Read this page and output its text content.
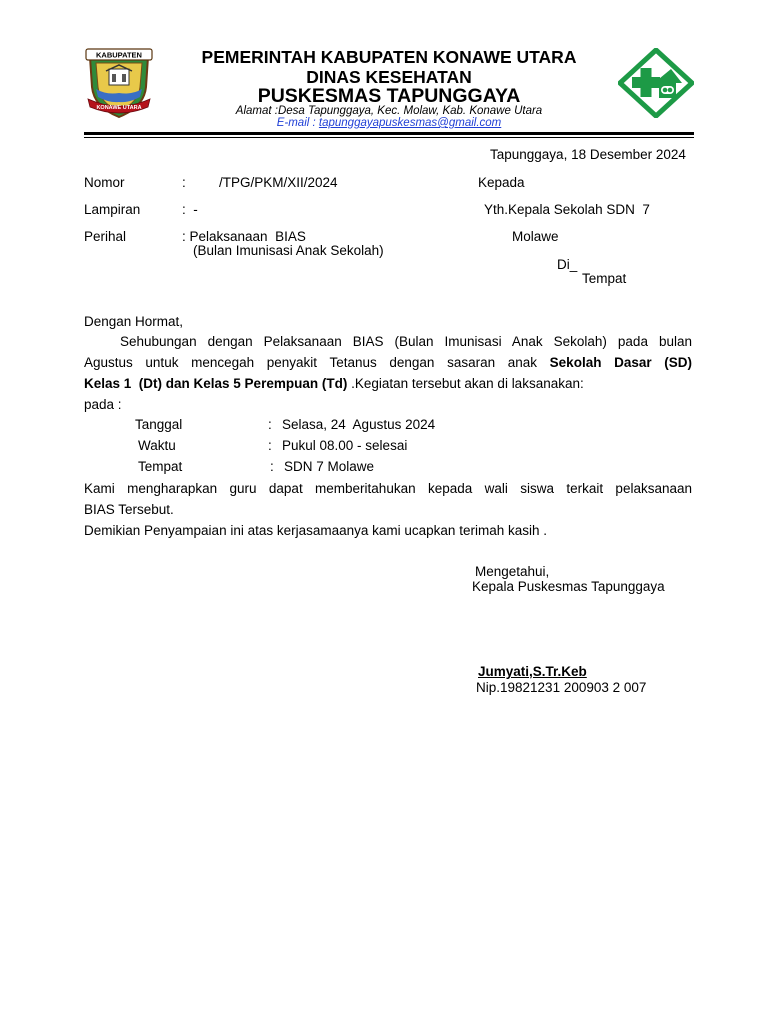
KABUPATEN
KONAWE UTARA
PEMERINTAH KABUPATEN KONAWE UTARA
DINAS KESEHATAN
PUSKESMAS TAPUNGGAYA
Alamat :Desa Tapunggaya, Kec. Molaw, Kab. Konawe Utara
E-mail : tapunggayapuskesmas@gmail.com
Tapunggaya, 18 Desember 2024
Nomor	: /TPG/PKM/XII/2024
Lampiran	:  -
Perihal	: Pelaksanaan  BIAS
(Bulan Imunisasi Anak Sekolah)
Kepada
Yth.Kepala Sekolah SDN  7
Molawe
Di_
Tempat
Dengan Hormat,
Sehubungan dengan Pelaksanaan BIAS (Bulan Imunisasi Anak Sekolah) pada bulan
Agustus untuk mencegah penyakit Tetanus dengan sasaran anak Sekolah Dasar (SD)
Kelas 1  (Dt) dan Kelas 5 Perempuan (Td) .Kegiatan tersebut akan di laksanakan:
pada :
Tanggal	: Selasa, 24  Agustus 2024
Waktu	: Pukul 08.00 - selesai
Tempat	: SDN 7 Molawe
Kami mengharapkan guru dapat memberitahukan kepada wali siswa terkait pelaksanaan
BIAS Tersebut.
Demikian Penyampaian ini atas kerjasamaanya kami ucapkan terimah kasih .
Mengetahui,
Kepala Puskesmas Tapunggaya
Jumyati,S.Tr.Keb
Nip.19821231 200903 2 007
